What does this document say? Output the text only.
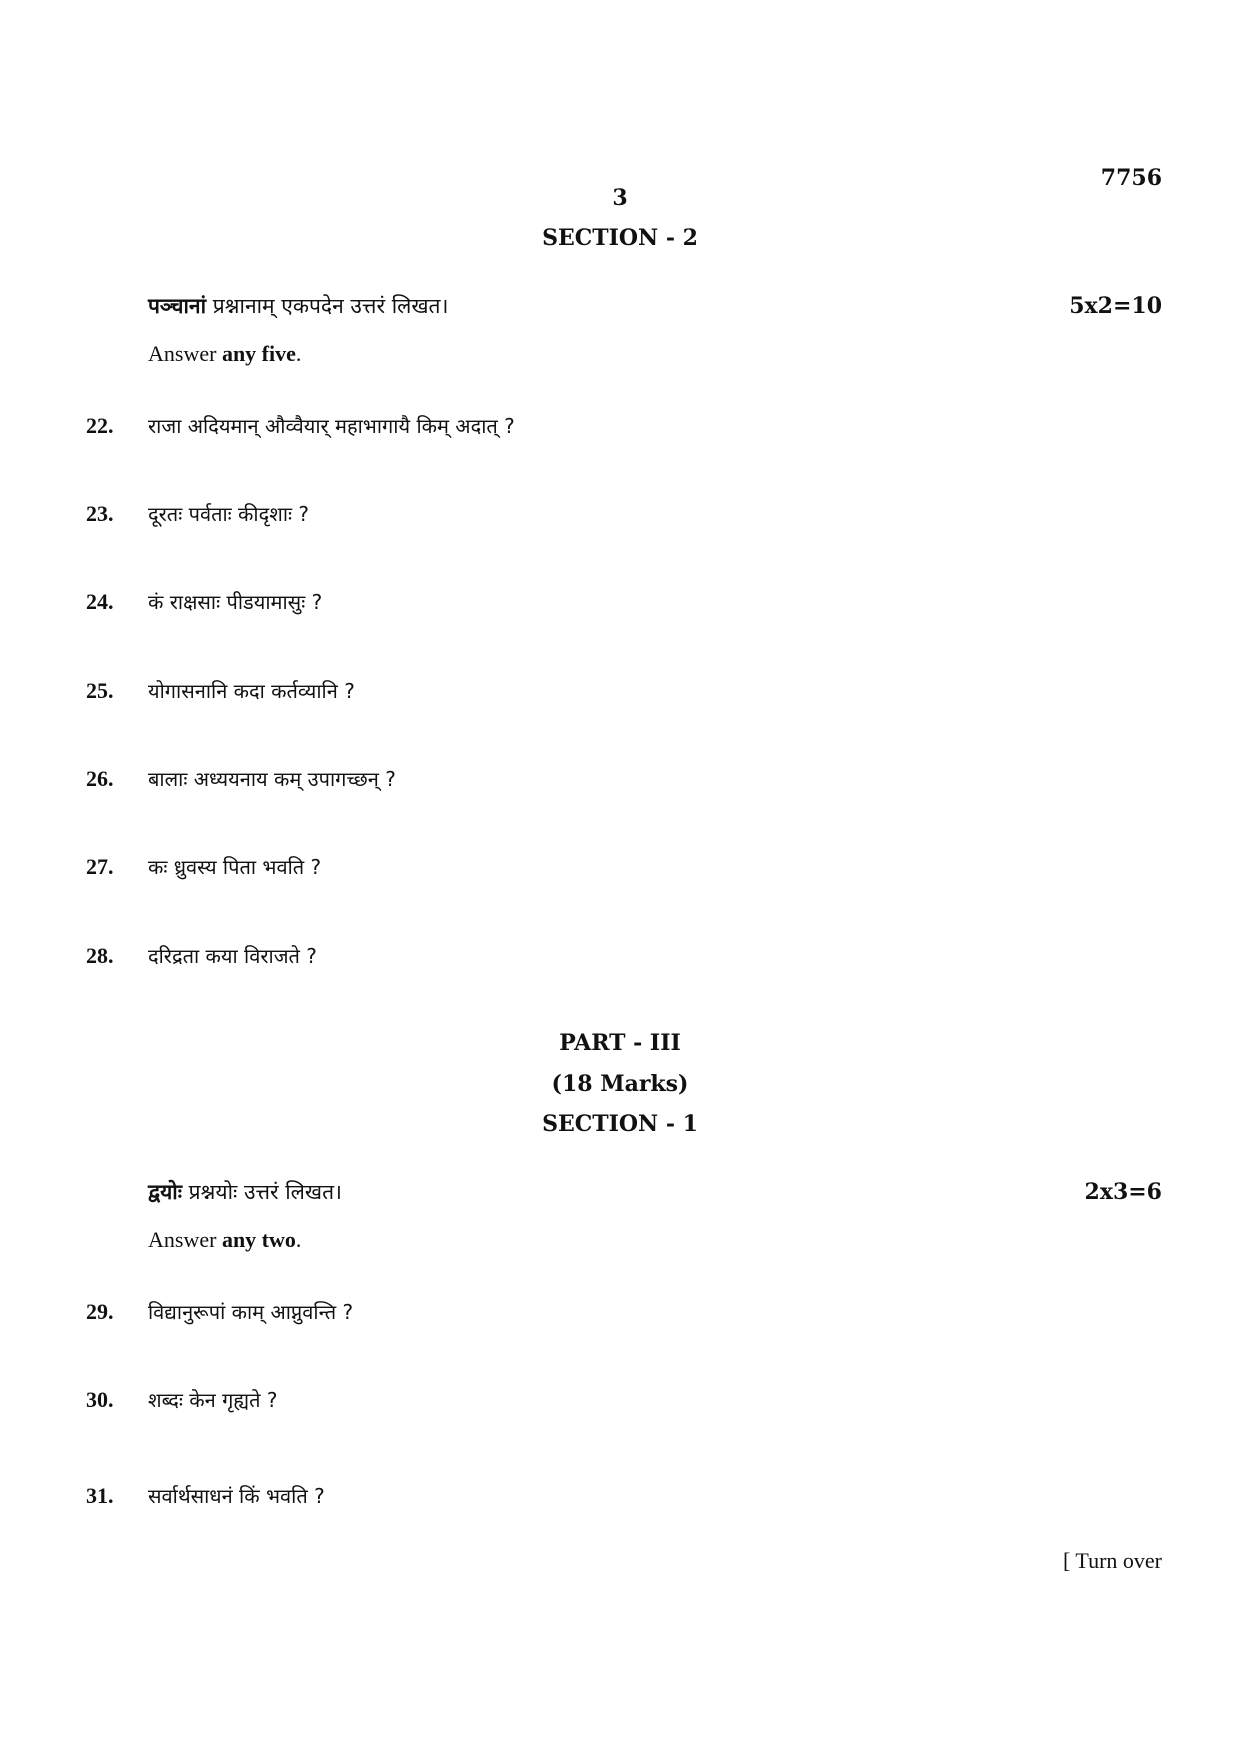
7756
3
SECTION - 2
पञ्चानां प्रश्नानाम् एकपदेन उत्तरं लिखत।	5x2=10
Answer any five.
22.	राजा अदियमान् औव्वैयार् महाभागायै किम् अदात् ?
23.	दूरतः पर्वताः कीदृशाः ?
24.	कं राक्षसाः पीडयामासुः ?
25.	योगासनानि कदा कर्तव्यानि ?
26.	बालाः अध्ययनाय कम् उपागच्छन् ?
27.	कः ध्रुवस्य पिता भवति ?
28.	दरिद्रता कया विराजते ?
PART - III
(18 Marks)
SECTION - 1
द्वयोः प्रश्नयोः उत्तरं लिखत।	2x3=6
Answer any two.
29.	विद्यानुरूपां काम् आप्नुवन्ति ?
30.	शब्दः केन गृह्यते ?
31.	सर्वार्थसाधनं किं भवति ?
[ Turn over
